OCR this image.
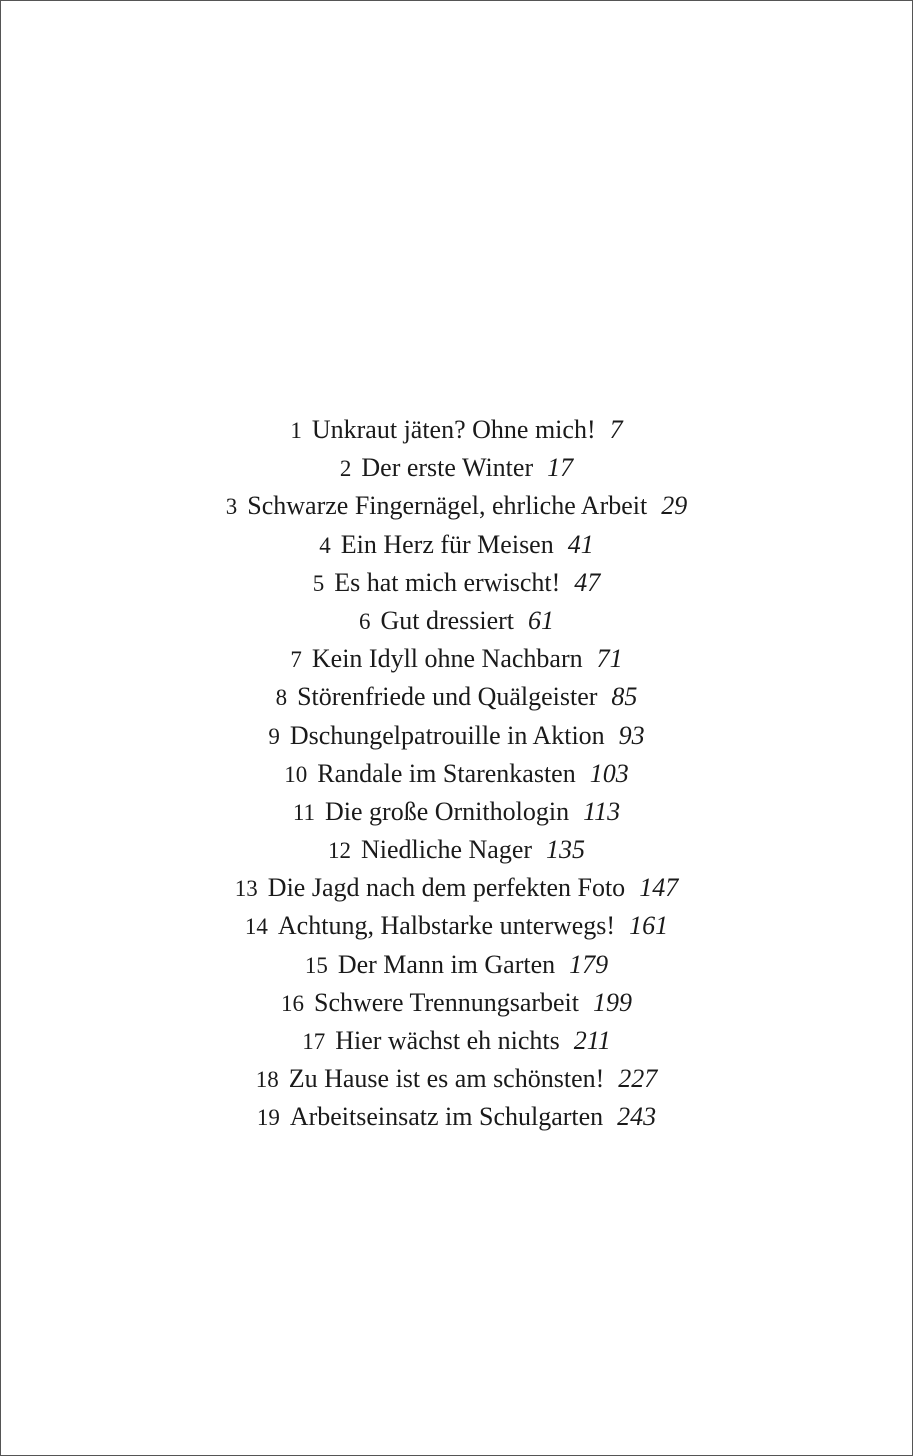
1 Unkraut jäten? Ohne mich! 7
2 Der erste Winter 17
3 Schwarze Fingernägel, ehrliche Arbeit 29
4 Ein Herz für Meisen 41
5 Es hat mich erwischt! 47
6 Gut dressiert 61
7 Kein Idyll ohne Nachbarn 71
8 Störenfriede und Quälgeister 85
9 Dschungelpatrouille in Aktion 93
10 Randale im Starenkasten 103
11 Die große Ornithologin 113
12 Niedliche Nager 135
13 Die Jagd nach dem perfekten Foto 147
14 Achtung, Halbstarke unterwegs! 161
15 Der Mann im Garten 179
16 Schwere Trennungsarbeit 199
17 Hier wächst eh nichts 211
18 Zu Hause ist es am schönsten! 227
19 Arbeitseinsatz im Schulgarten 243
